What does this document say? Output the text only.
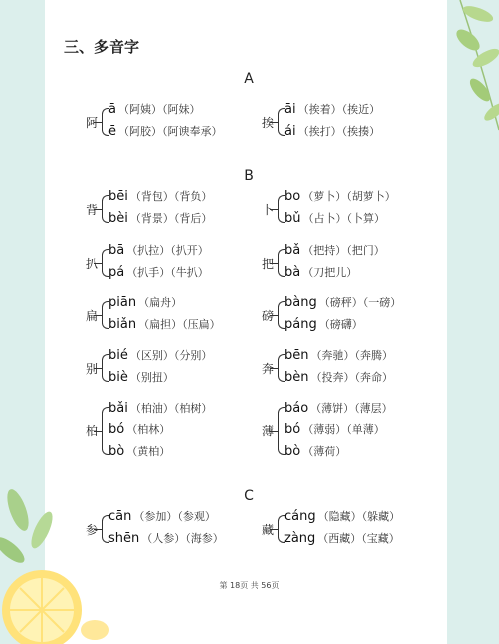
三、多音字
A
B
C
阿
ā （阿姨）（阿妹）
ē （阿胶）（阿谀奉承）
挨
āi （挨着）（挨近）
ái （挨打）（挨揍）
背
bēi （背包）（背负）
bèi （背景）（背后）
卜
bo （萝卜）（胡萝卜）
bǔ （占卜）（卜算）
扒
bā （扒拉）（扒开）
pá （扒手）（牛扒）
把
bǎ （把持）（把门）
bà （刀把儿）
扁
piān （扁舟）
biǎn （扁担）（压扁）
磅
bàng （磅秤）（一磅）
páng （磅礴）
别
bié （区别）（分别）
biè （别扭）
奔
bēn （奔驰）（奔腾）
bèn （投奔）（奔命）
柏
bǎi （柏油）（柏树）
bó （柏林）
bò （黄柏）
薄
báo （薄饼）（薄层）
bó （薄弱）（单薄）
bò （薄荷）
参
cān （参加）（参观）
shēn （人参）（海参）
藏
cáng （隐藏）（躲藏）
zàng （西藏）（宝藏）
第 18页 共 56页
